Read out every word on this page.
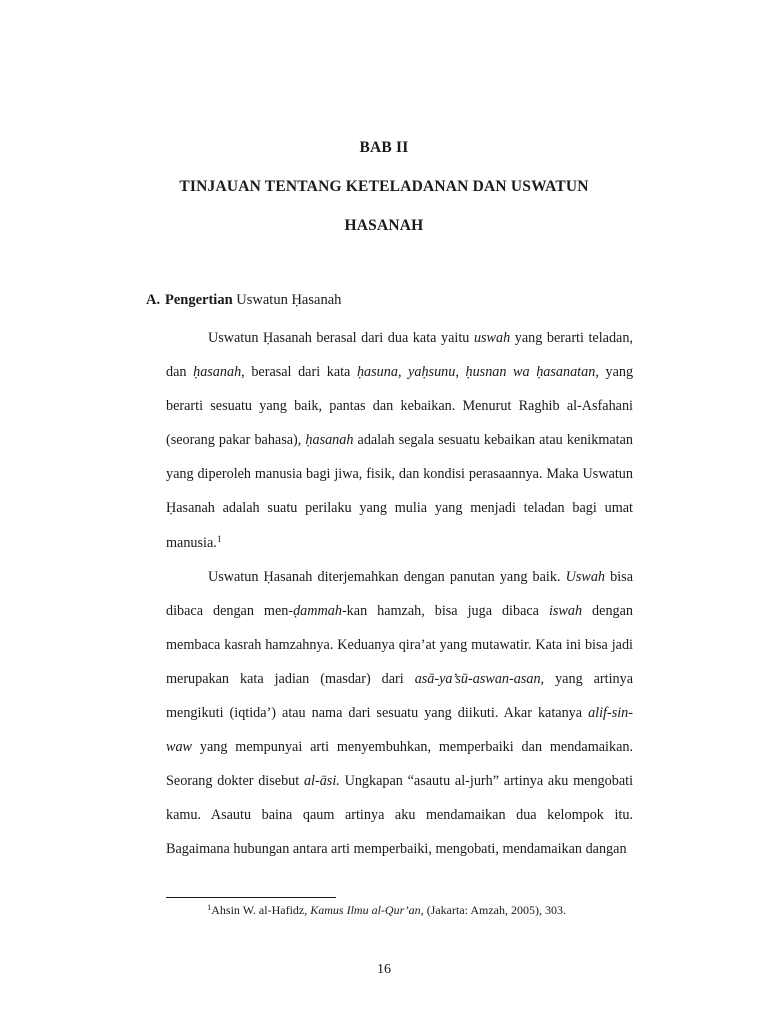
BAB II
TINJAUAN TENTANG KETELADANAN DAN USWATUN
HASANAH
A. Pengertian Uswatun Ḥasanah

Uswatun Ḥasanah berasal dari dua kata yaitu uswah yang berarti teladan, dan ḥasanah, berasal dari kata ḥasuna, yaḥsunu, ḥusnan wa ḥasanatan, yang berarti sesuatu yang baik, pantas dan kebaikan. Menurut Raghib al-Asfahani (seorang pakar bahasa), ḥasanah adalah segala sesuatu kebaikan atau kenikmatan yang diperoleh manusia bagi jiwa, fisik, dan kondisi perasaannya. Maka Uswatun Ḥasanah adalah suatu perilaku yang mulia yang menjadi teladan bagi umat manusia.$^1$

Uswatun Ḥasanah diterjemahkan dengan panutan yang baik. Uswah bisa dibaca dengan men-ḍammah-kan hamzah, bisa juga dibaca iswah dengan membaca kasrah hamzahnya. Keduanya qira’at yang mutawatir. Kata ini bisa jadi merupakan kata jadian (masdar) dari asā-ya’sū-aswan-asan, yang artinya mengikuti (iqtida’) atau nama dari sesuatu yang diikuti. Akar katanya alif-sin-waw yang mempunyai arti menyembuhkan, memperbaiki dan mendamaikan. Seorang dokter disebut al-āsi. Ungkapan “asautu al-jurh” artinya aku mengobati kamu. Asautu baina qaum artinya aku mendamaikan dua kelompok itu. Bagaimana hubungan antara arti memperbaiki, mengobati, mendamaikan dangan

$^1$Ahsin W. al-Hafidz, Kamus Ilmu al-Qur’an, (Jakarta: Amzah, 2005), 303.
16
